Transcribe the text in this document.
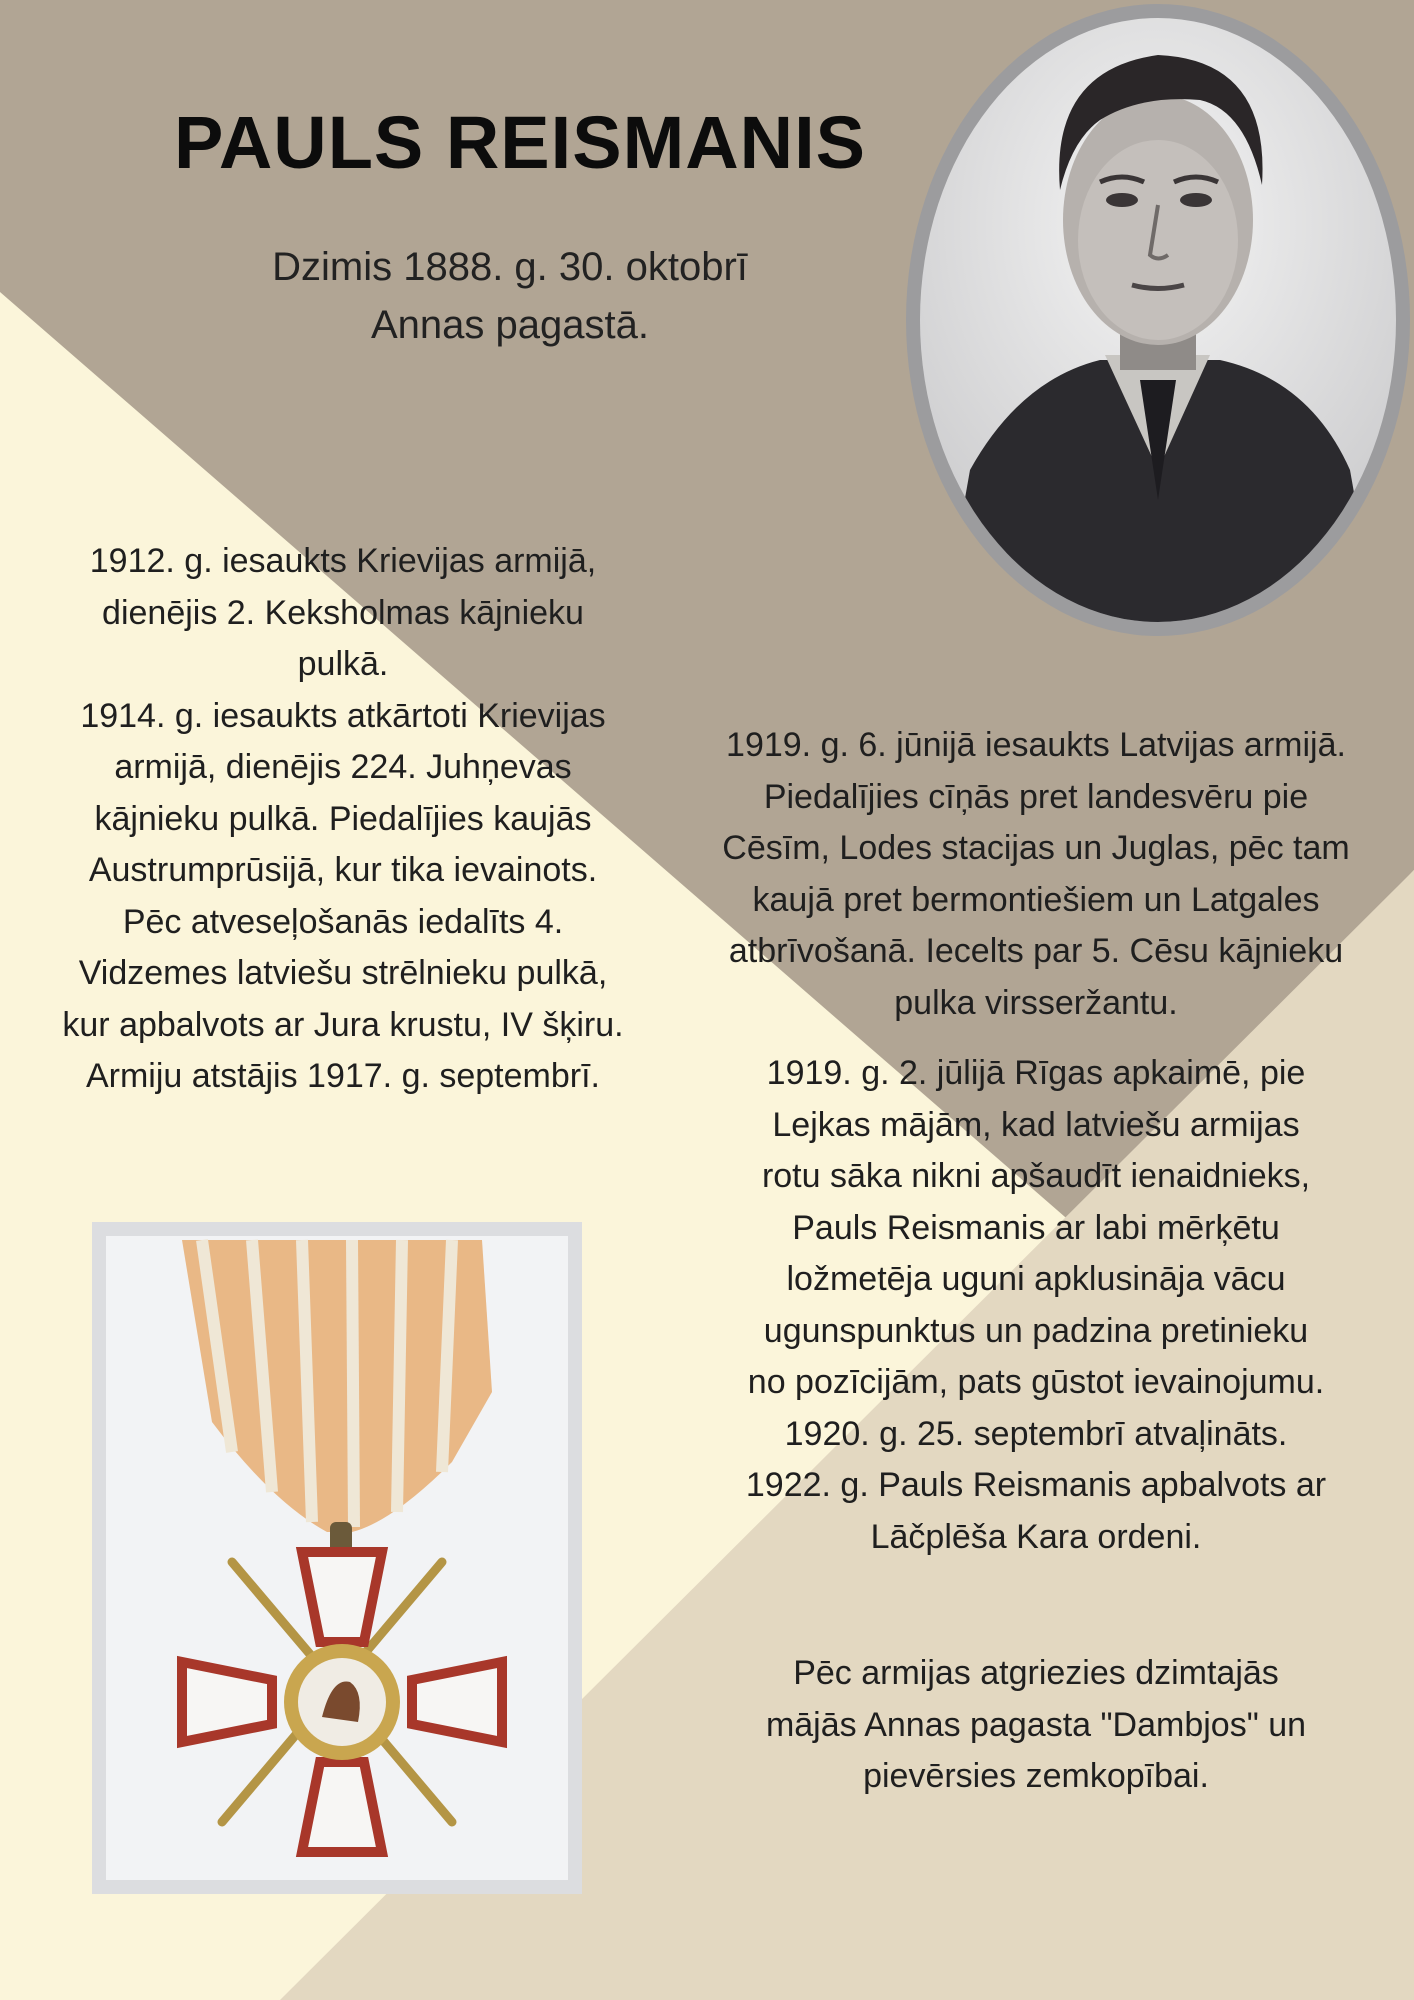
PAULS REISMANIS
Dzimis 1888. g. 30. oktobrī
Annas pagastā.
1912. g. iesaukts Krievijas armijā,
dienējis 2. Keksholmas kājnieku
pulkā.
1914. g. iesaukts atkārtoti Krievijas
armijā, dienējis 224. Juhņevas
kājnieku pulkā. Piedalījies kaujās
Austrumprūsijā, kur tika ievainots.
Pēc atveseļošanās iedalīts 4.
Vidzemes latviešu strēlnieku pulkā,
kur apbalvots ar Jura krustu, IV šķiru.
Armiju atstājis 1917. g. septembrī.
1919. g. 6. jūnijā iesaukts Latvijas armijā.
Piedalījies cīņās pret landesvēru pie
Cēsīm, Lodes stacijas un Juglas, pēc tam
kaujā pret bermontiešiem un Latgales
atbrīvošanā. Iecelts par 5. Cēsu kājnieku
pulka virsseržantu.
1919. g. 2. jūlijā Rīgas apkaimē, pie
Lejkas mājām, kad latviešu armijas
rotu sāka nikni apšaudīt ienaidnieks,
Pauls Reismanis ar labi mērķētu
ložmetēja uguni apklusināja vācu
ugunspunktus un padzina pretinieku
no pozīcijām, pats gūstot ievainojumu.
1920. g. 25. septembrī atvaļināts.
1922. g. Pauls Reismanis apbalvots ar
Lāčplēša Kara ordeni.
Pēc armijas atgriezies dzimtajās
mājās Annas pagasta "Dambjos" un
pievērsies zemkopībai.
